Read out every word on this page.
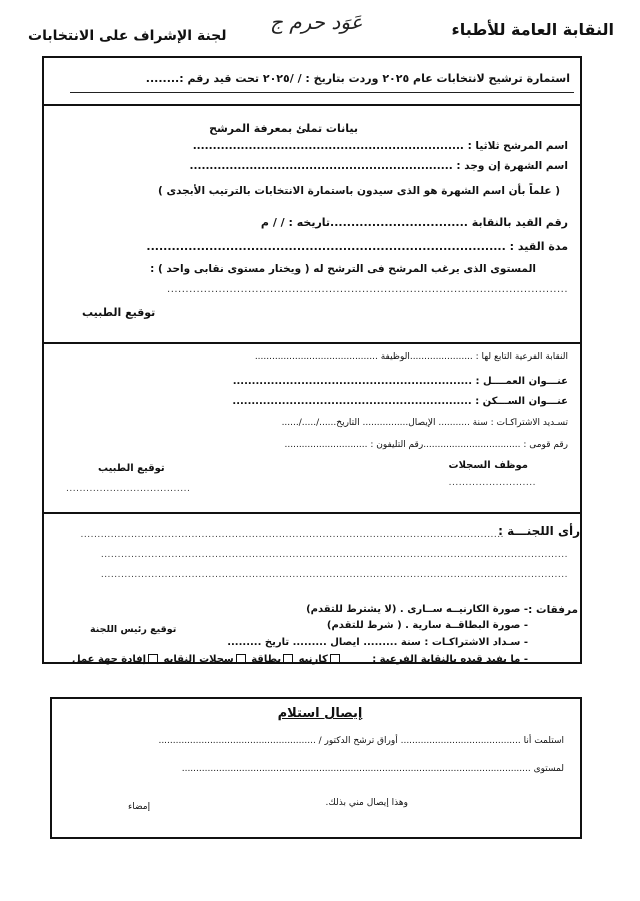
النقابة العامة للأطباء
لجنة الإشراف على الانتخابات
عَوَد حرم ج
استمارة ترشيح لانتخابات عام ٢٠٢٥ وردت بتاريخ : / /٢٠٢٥ تحت قيد رقم :........
بيانات تملئ بمعرفة المرشح
اسم المرشح ثلاثيا : ....................................................................
اسم الشهرة إن وجد : ..................................................................
( علماً بأن اسم الشهرة هو الذى سيدون باستمارة الانتخابات بالترتيب الأبجدى )
رقم القيد بالنقابة .................................تاريخه : / / م
مدة القيد : ......................................................................................
المستوى الذى يرغب المرشح فى الترشح له ( ويختار مستوى نقابى واحد ) :
.............................................................................................................
توقيع الطبيب
النقابة الفرعية التابع لها : ......................الوظيفة ...........................................
عنـــوان العمــــل : ...............................................................
عنـــوان الســـكن : ...............................................................
تسـديد الاشتراكـات : سنة ........... الإيصال................ التاريخ....../...../......
رقم قومى : ..................................رقم التليفون : .............................
موظف السجلات
..........................
توقيع الطبيب
.....................................
رأى اللجنـــة :
..............................................................................................................................
...........................................................................................................................................
...........................................................................................................................................
مرفقات :
- صورة الكارنيــه ســارى . (لا يشترط للتقدم)
- صورة البطاقــة سارية . ( شرط للتقدم)
- سـداد الاشتراكـات : سنة ......... ايصال ......... تاريخ .........
- ما يفيد قيده بالنقابة الفرعية :
كارنيه بطاقة سجلات النقابه إفادة جهة عمل
توقيع رئيس اللجنة
إيصال استلام
استلمت أنا .......................................... أوراق ترشح الدكتور / .......................................................
لمستوى ..........................................................................................................................
وهذا إيصال مني بذلك.
إمضاء
